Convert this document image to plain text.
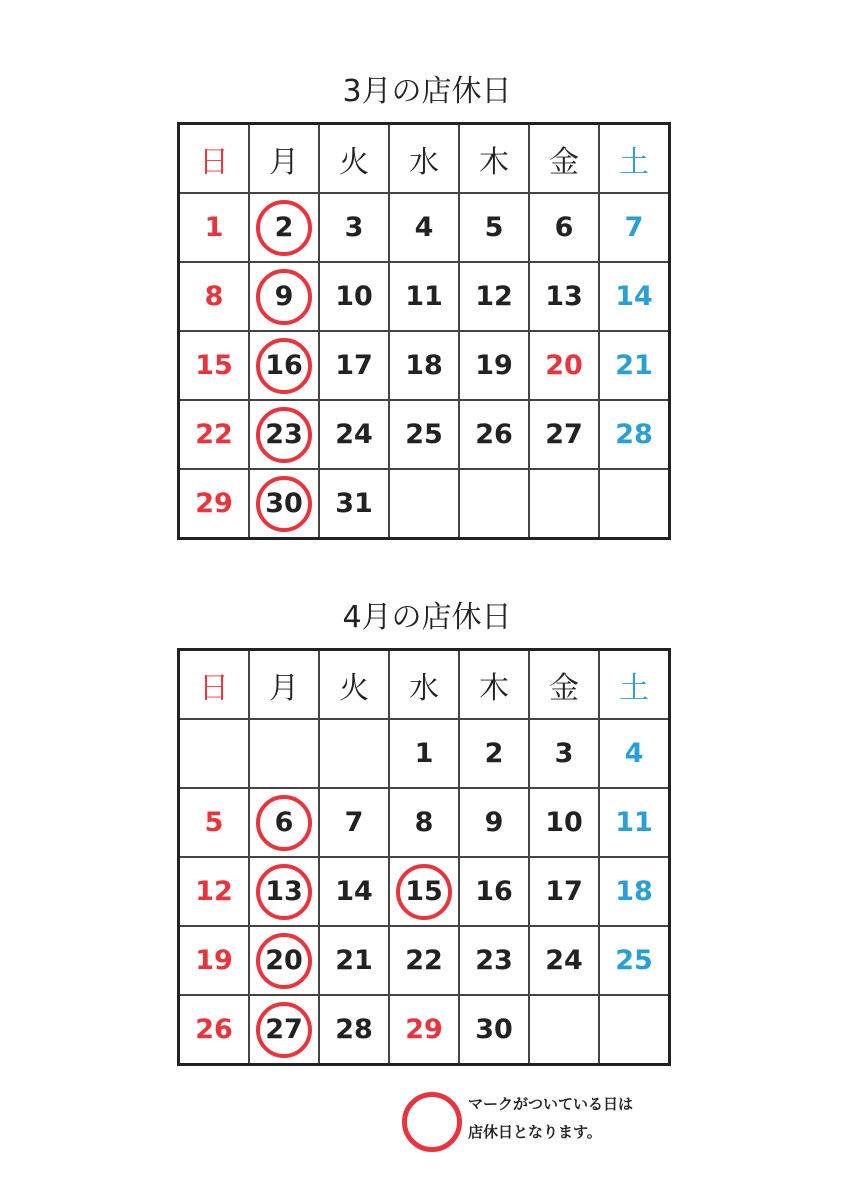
3月の店休日
日	月	火	水	木	金	土
1	2	3	4	5	6	7
8	9	10	11	12	13	14
15	16	17	18	19	20	21
22	23	24	25	26	27	28
29	30	31				
4月の店休日
日	月	火	水	木	金	土
			1	2	3	4
5	6	7	8	9	10	11
12	13	14	15	16	17	18
19	20	21	22	23	24	25
26	27	28	29	30		
マークがついている日は
店休日となります。
